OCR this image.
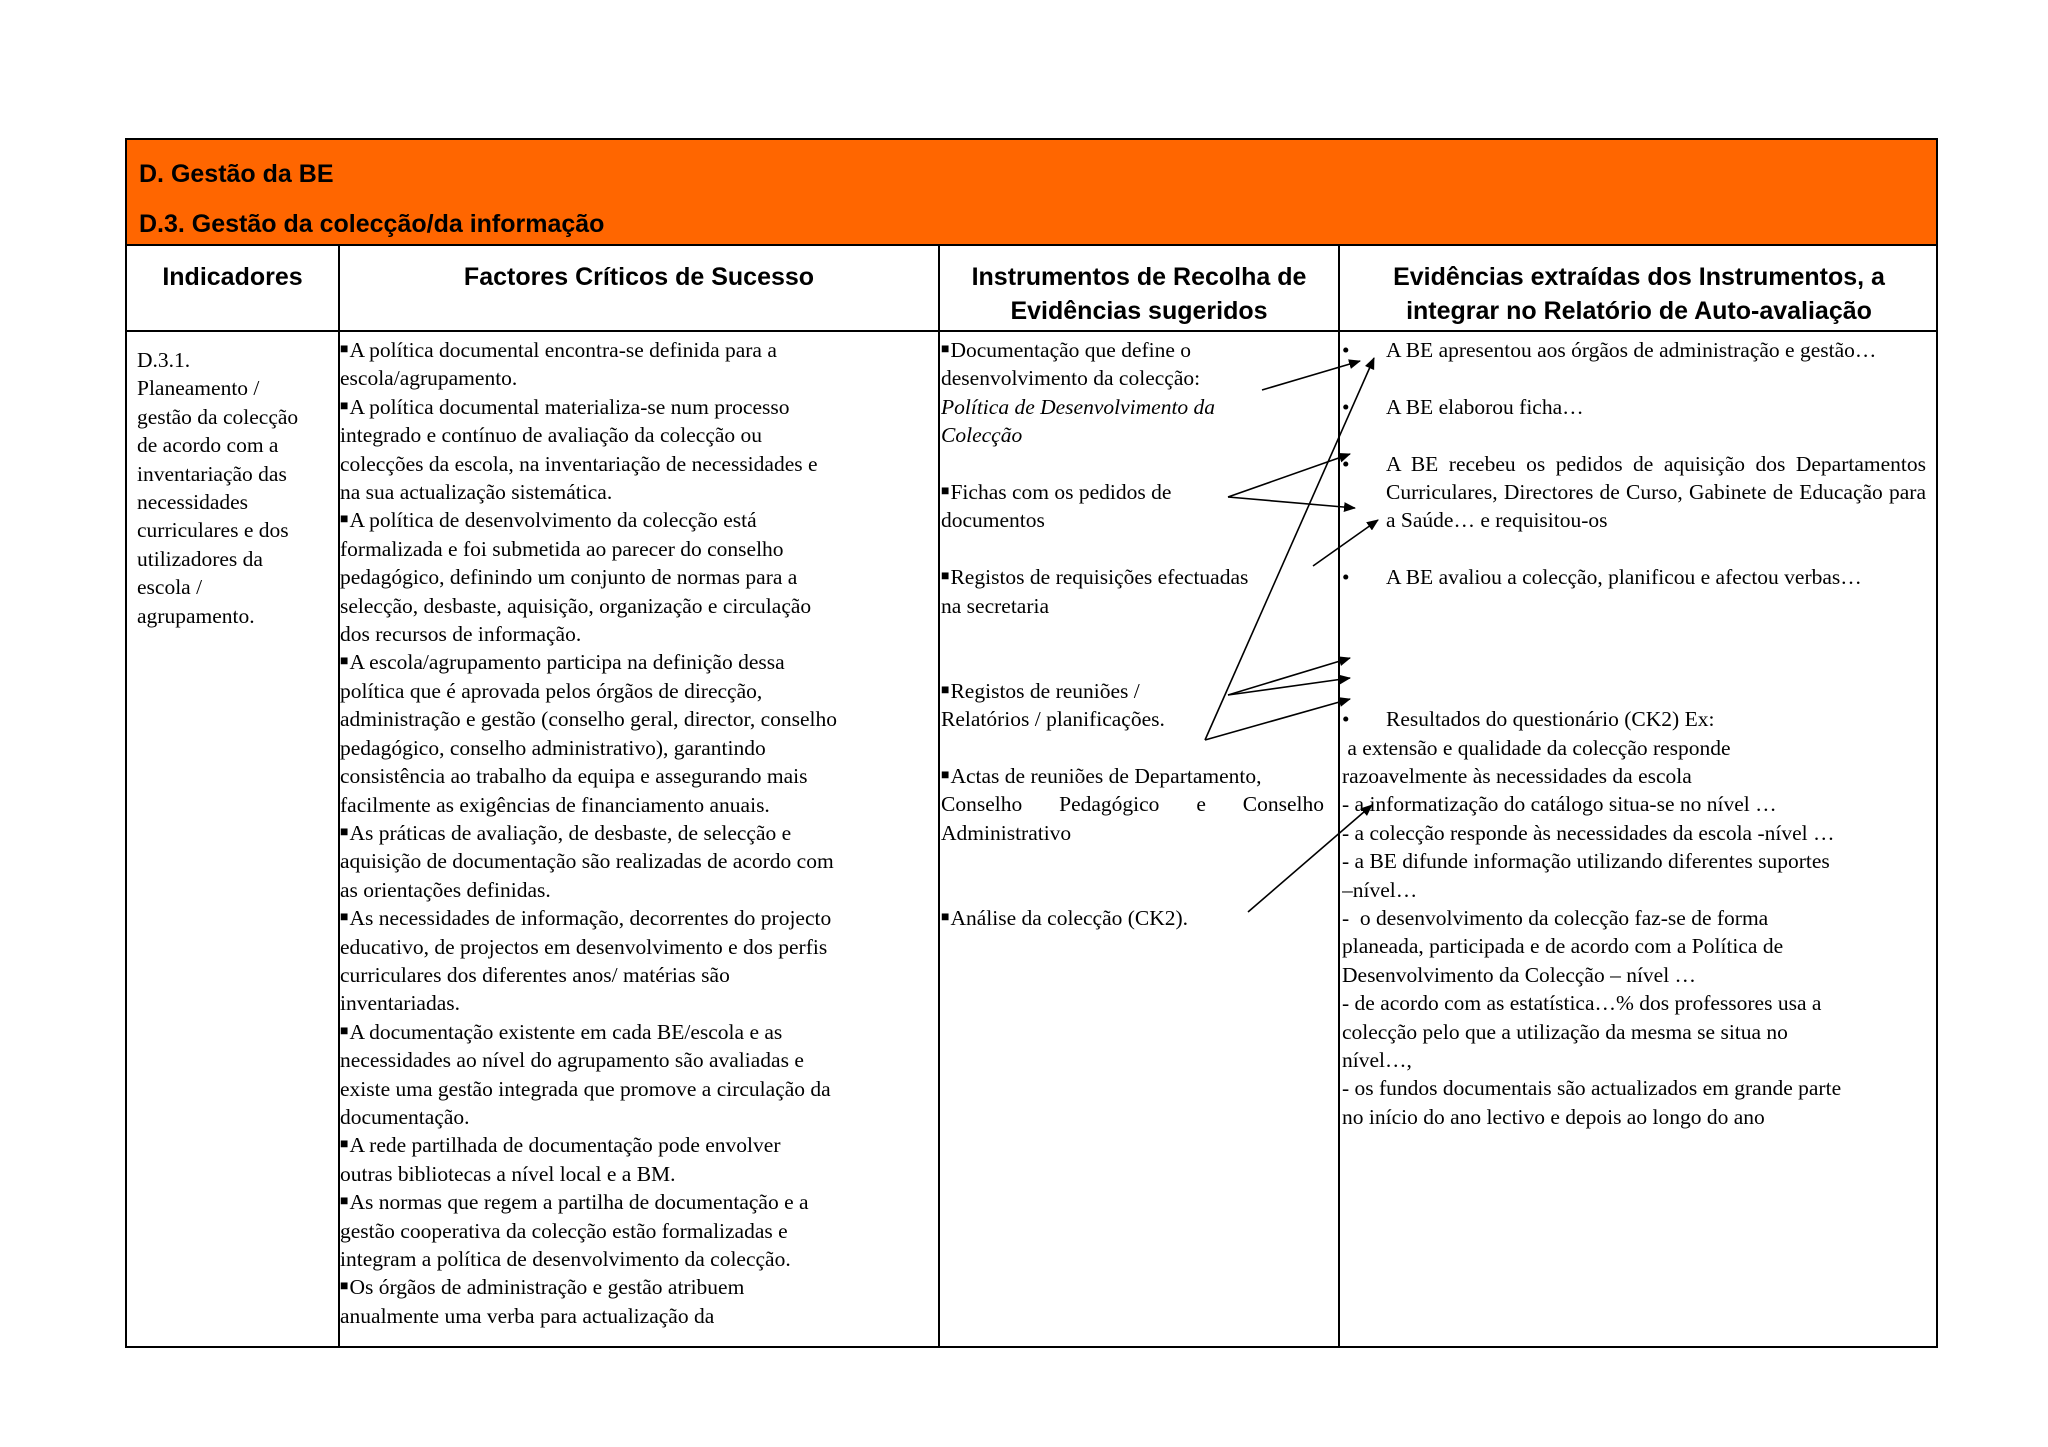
D. Gestão da BE
D.3. Gestão da colecção/da informação
Indicadores	Factores Críticos de Sucesso	Instrumentos de Recolha de
Evidências sugeridos
Evidências extraídas dos Instrumentos, a
integrar no Relatório de Auto-avaliação
D.3.1.
Planeamento /
gestão da colecção
de acordo com a
inventariação das
necessidades
curriculares e dos
utilizadores da
escola /
agrupamento.
■A política documental encontra-se definida para a
escola/agrupamento.
■A política documental materializa-se num processo
integrado e contínuo de avaliação da colecção ou
colecções da escola, na inventariação de necessidades e
na sua actualização sistemática.
■A política de desenvolvimento da colecção está
formalizada e foi submetida ao parecer do conselho
pedagógico, definindo um conjunto de normas para a
selecção, desbaste, aquisição, organização e circulação
dos recursos de informação.
■A escola/agrupamento participa na definição dessa
política que é aprovada pelos órgãos de direcção,
administração e gestão (conselho geral, director, conselho
pedagógico, conselho administrativo), garantindo
consistência ao trabalho da equipa e assegurando mais
facilmente as exigências de financiamento anuais.
■As práticas de avaliação, de desbaste, de selecção e
aquisição de documentação são realizadas de acordo com
as orientações definidas.
■As necessidades de informação, decorrentes do projecto
educativo, de projectos em desenvolvimento e dos perfis
curriculares dos diferentes anos/ matérias são
inventariadas.
■A documentação existente em cada BE/escola e as
necessidades ao nível do agrupamento são avaliadas e
existe uma gestão integrada que promove a circulação da
documentação.
■A rede partilhada de documentação pode envolver
outras bibliotecas a nível local e a BM.
■As normas que regem a partilha de documentação e a
gestão cooperativa da colecção estão formalizadas e
integram a política de desenvolvimento da colecção.
■Os órgãos de administração e gestão atribuem
anualmente uma verba para actualização da
■Documentação que define o
desenvolvimento da colecção:
Política de Desenvolvimento da
Colecção
■Fichas com os pedidos de
documentos
■Registos de requisições efectuadas
na secretaria
■Registos de reuniões /
Relatórios / planificações.
■Actas de reuniões de Departamento,
Conselho Pedagógico e Conselho
Administrativo
■Análise da colecção (CK2).
• A BE apresentou aos órgãos de administração e gestão…
• A BE elaborou ficha…
• A BE recebeu os pedidos de aquisição dos Departamentos Curriculares, Directores de Curso, Gabinete de Educação para a Saúde… e requisitou-os
• A BE avaliou a colecção, planificou e afectou verbas…
• Resultados do questionário (CK2) Ex:
a extensão e qualidade da colecção responde
razoavelmente às necessidades da escola
- a informatização do catálogo situa-se no nível …
- a colecção responde às necessidades da escola -nível …
- a BE difunde informação utilizando diferentes suportes
–nível…
-  o desenvolvimento da colecção faz-se de forma
planeada, participada e de acordo com a Política de
Desenvolvimento da Colecção – nível …
- de acordo com as estatística…% dos professores usa a
colecção pelo que a utilização da mesma se situa no
nível…,
- os fundos documentais são actualizados em grande parte
no início do ano lectivo e depois ao longo do ano
